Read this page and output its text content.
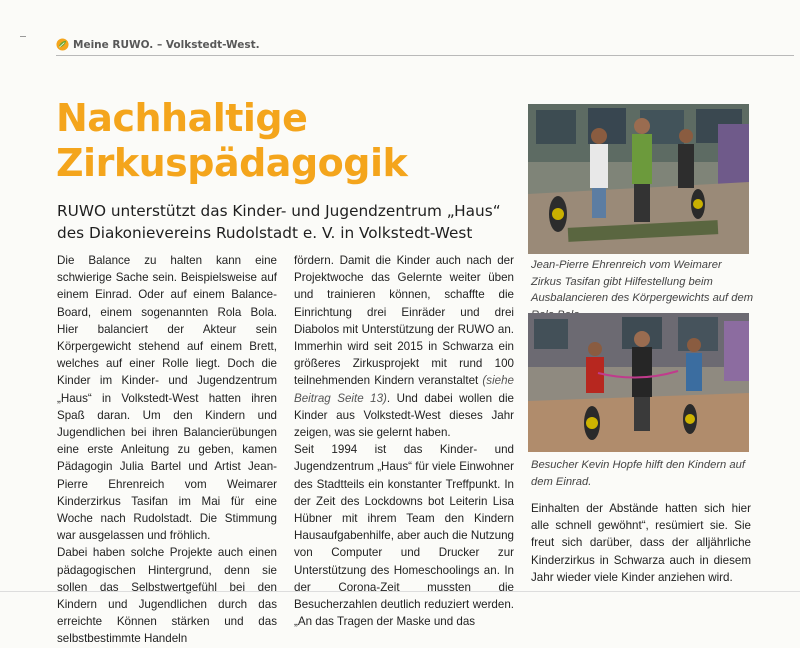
Meine RUWO. – Volkstedt-West.
Nachhaltige
Zirkuspädagogik
RUWO unterstützt das Kinder- und Jugendzentrum „Haus“
des Diakonievereins Rudolstadt e. V. in Volkstedt-West

Die Balance zu halten kann eine schwierige Sache sein. Beispielsweise auf einem Einrad. Oder auf einem Balance-Board, einem sogenannten Rola Bola. Hier balanciert der Akteur sein Körpergewicht stehend auf einem Brett, welches auf einer Rolle liegt. Doch die Kinder im Kinder- und Jugendzentrum „Haus“ in Volkstedt-West hatten ihren Spaß daran. Um den Kindern und Jugendlichen bei ihren Balancierübungen eine erste Anleitung zu geben, kamen Pädagogin Julia Bartel und Artist Jean-Pierre Ehrenreich vom Weimarer Kinderzirkus Tasifan im Mai für eine Woche nach Rudolstadt. Die Stimmung war ausgelassen und fröhlich.

Dabei haben solche Projekte auch einen pädagogischen Hintergrund, denn sie sollen das Selbstwertgefühl bei den Kindern und Jugendlichen durch das erreichte Können stärken und das selbstbestimmte Handeln

fördern. Damit die Kinder auch nach der Projektwoche das Gelernte weiter üben und trainieren können, schaffte die Einrichtung drei Einräder und drei Diabolos mit Unterstützung der RUWO an. Immerhin wird seit 2015 in Schwarza ein größeres Zirkusprojekt mit rund 100 teilnehmenden Kindern veranstaltet (siehe Beitrag Seite 13). Und dabei wollen die Kinder aus Volkstedt-West dieses Jahr zeigen, was sie gelernt haben.

Seit 1994 ist das Kinder- und Jugendzentrum „Haus“ für viele Einwohner des Stadtteils ein konstanter Treffpunkt. In der Zeit des Lockdowns bot Leiterin Lisa Hübner mit ihrem Team den Kindern Hausaufgabenhilfe, aber auch die Nutzung von Computer und Drucker zur Unterstützung des Homeschoolings an. In der Corona-Zeit mussten die Besucherzahlen deutlich reduziert werden. „An das Tragen der Maske und das

Jean-Pierre Ehrenreich vom Weimarer Zirkus Tasifan gibt Hilfestellung beim Ausbalancieren des Körpergewichts auf dem
Besucher Kevin Hopfe hilft den Kindern auf dem Einrad.

Einhalten der Abstände hatten sich hier alle schnell gewöhnt“, resümiert sie. Sie freut sich darüber, dass der alljährliche Kinderzirkus in Schwarza auch in diesem Jahr wieder viele Kinder anziehen wird.
